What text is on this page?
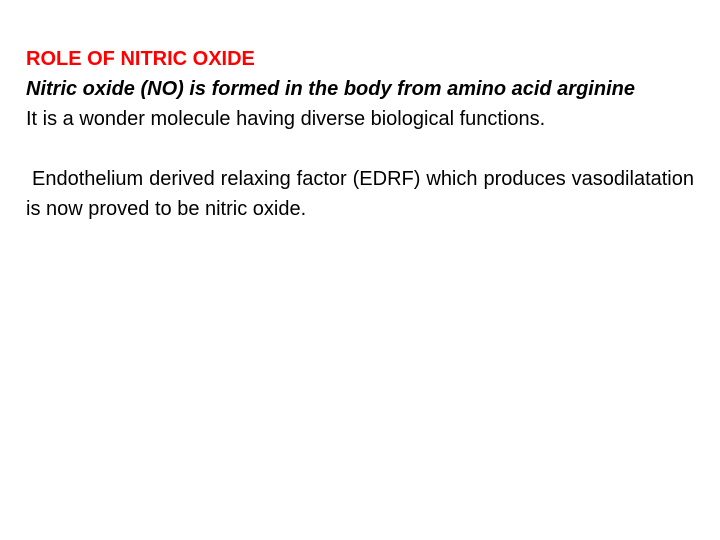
ROLE OF NITRIC OXIDE

Nitric oxide (NO) is formed in the body from amino acid arginine

It is a wonder molecule having diverse biological functions.

Endothelium derived relaxing factor (EDRF) which produces vasodilatation is now proved to be nitric oxide.
